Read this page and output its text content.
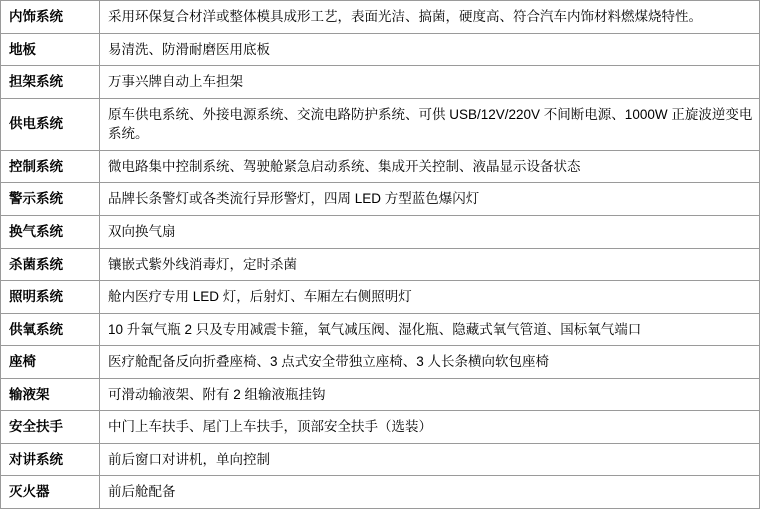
内饰系统	采用环保复合材洋或整体模具成形工艺，表面光洁、搞菌，硬度高、符合汽车内饰材料燃煤烧特性。
地板	易清洗、防滑耐磨医用底板
担架系统	万事兴牌自动上车担架
供电系统	原车供电系统、外接电源系统、交流电路防护系统、可供 USB/12V/220V 不间断电源、1000W 正旋波逆变电系统。
控制系统	微电路集中控制系统、驾驶舱紧急启动系统、集成开关控制、液晶显示设备状态
警示系统	品牌长条警灯或各类流行异形警灯，四周 LED 方型蓝色爆闪灯
换气系统	双向换气扇
杀菌系统	镶嵌式紫外线消毒灯，定时杀菌
照明系统	舱内医疗专用 LED 灯，后射灯、车厢左右侧照明灯
供氧系统	10 升氧气瓶 2 只及专用减震卡箍，氧气减压阀、湿化瓶、隐藏式氧气管道、国标氧气端口
座椅	医疗舱配备反向折叠座椅、3 点式安全带独立座椅、3 人长条横向软包座椅
输液架	可滑动输液架、附有 2 组输液瓶挂钩
安全扶手	中门上车扶手、尾门上车扶手，顶部安全扶手（选装）
对讲系统	前后窗口对讲机，单向控制
灭火器	前后舱配备
